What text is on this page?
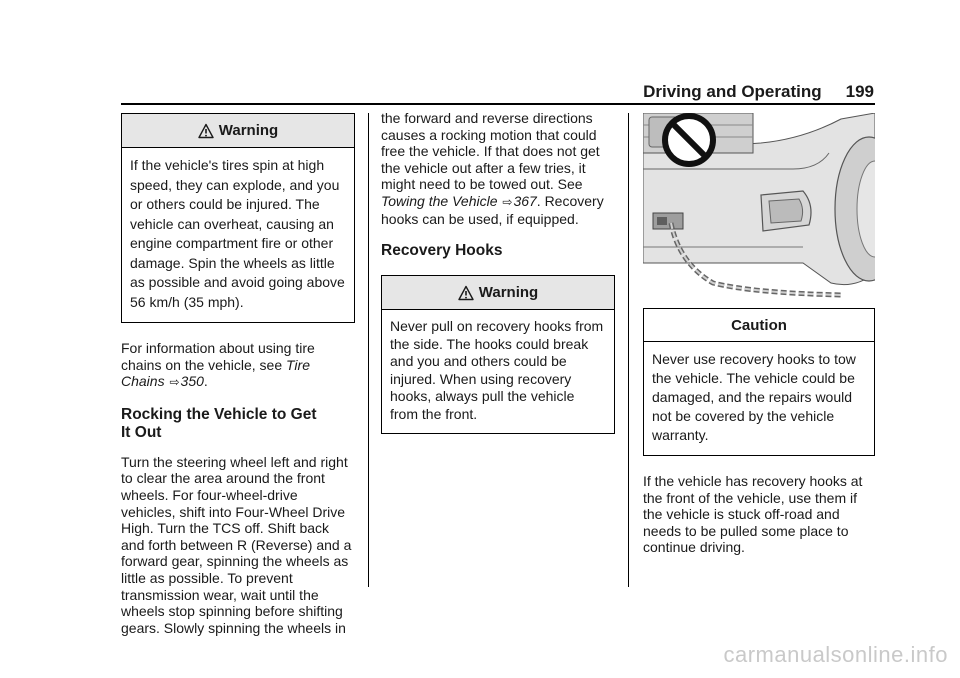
Driving and Operating 199
Warning
If the vehicle's tires spin at high speed, they can explode, and you or others could be injured. The vehicle can overheat, causing an engine compartment fire or other damage. Spin the wheels as little as possible and avoid going above 56 km/h (35 mph).

For information about using tire chains on the vehicle, see Tire Chains ⇨350.

Rocking the Vehicle to Get
It Out

Turn the steering wheel left and right to clear the area around the front wheels. For four-wheel-drive vehicles, shift into Four-Wheel Drive High. Turn the TCS off. Shift back and forth between R (Reverse) and a forward gear, spinning the wheels as little as possible. To prevent transmission wear, wait until the wheels stop spinning before shifting gears. Slowly spinning the wheels in

the forward and reverse directions causes a rocking motion that could free the vehicle. If that does not get the vehicle out after a few tries, it might need to be towed out. See Towing the Vehicle ⇨367. Recovery hooks can be used, if equipped.

Recovery Hooks
Warning
Never pull on recovery hooks from the side. The hooks could break and you and others could be injured. When using recovery hooks, always pull the vehicle from the front.
Caution
Never use recovery hooks to tow the vehicle. The vehicle could be damaged, and the repairs would not be covered by the vehicle warranty.

If the vehicle has recovery hooks at the front of the vehicle, use them if the vehicle is stuck off-road and needs to be pulled some place to continue driving.

carmanualsonline.info
